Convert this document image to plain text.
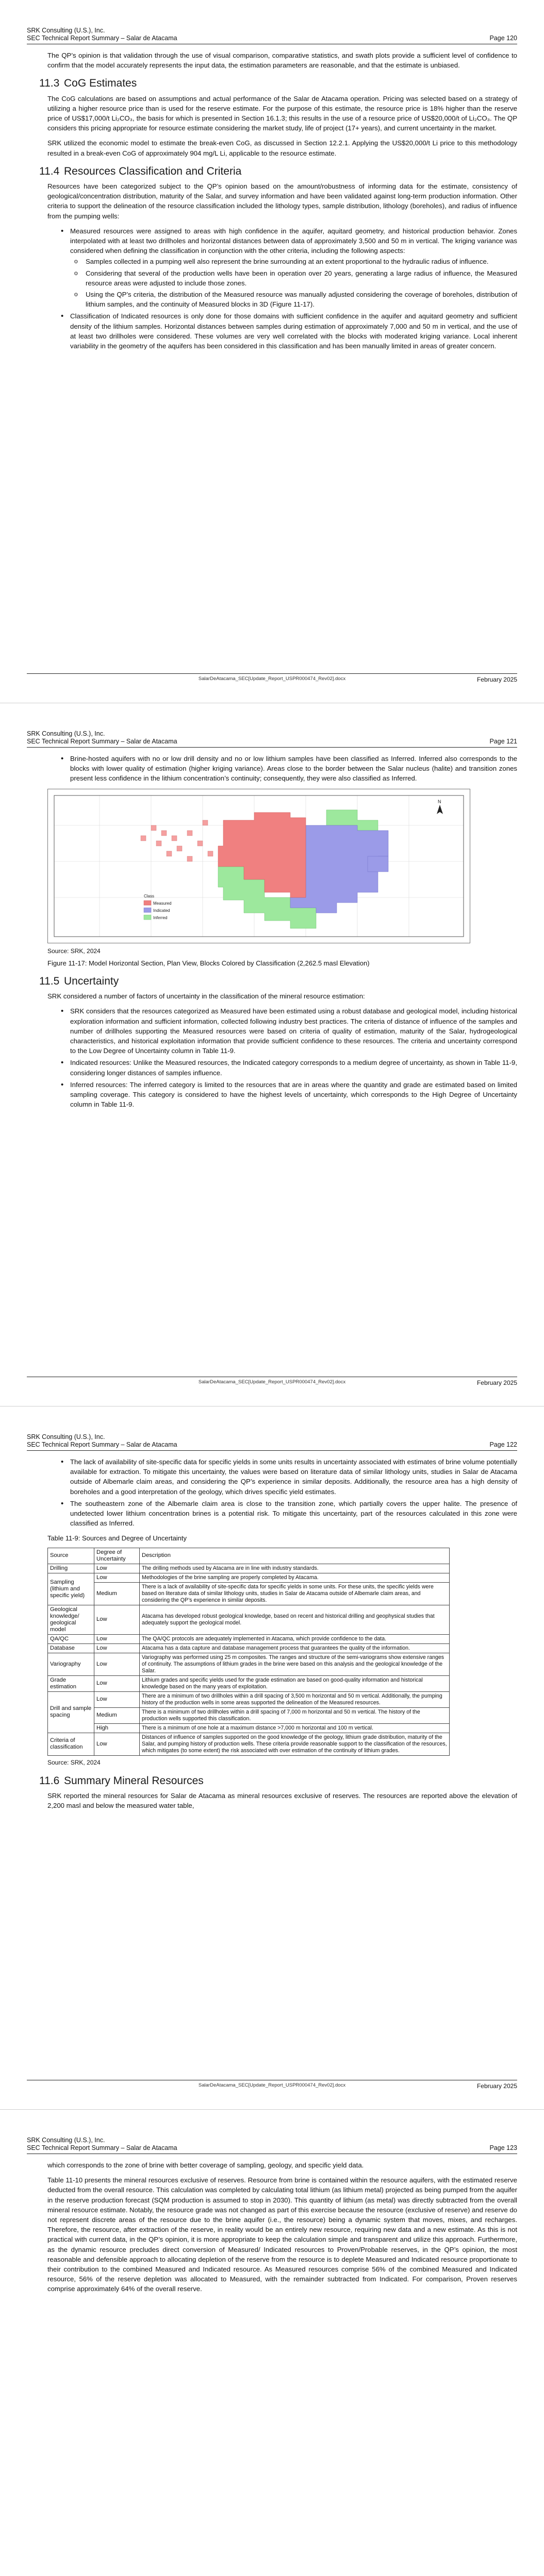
SRK Consulting (U.S.), Inc.
SEC Technical Report Summary – Salar de Atacama	Page 120

The QP’s opinion is that validation through the use of visual comparison, comparative statistics, and swath plots provide a sufficient level of confidence to confirm that the model accurately represents the input data, the estimation parameters are reasonable, and that the estimate is unbiased.

11.3 CoG Estimates

The CoG calculations are based on assumptions and actual performance of the Salar de Atacama operation. Pricing was selected based on a strategy of utilizing a higher resource price than is used for the reserve estimate. For the purpose of this estimate, the resource price is 18% higher than the reserve price of US$17,000/t Li₂CO₃, the basis for which is presented in Section 16.1.3; this results in the use of a resource price of US$20,000/t of Li₂CO₃. The QP considers this pricing appropriate for resource estimate considering the market study, life of project (17+ years), and current uncertainty in the market.

SRK utilized the economic model to estimate the break-even CoG, as discussed in Section 12.2.1. Applying the US$20,000/t Li price to this methodology resulted in a break-even CoG of approximately 904 mg/L Li, applicable to the resource estimate.

11.4 Resources Classification and Criteria

Resources have been categorized subject to the QP’s opinion based on the amount/robustness of informing data for the estimate, consistency of geological/concentration distribution, maturity of the Salar, and survey information and have been validated against long-term production information. Other criteria to support the delineation of the resource classification included the lithology types, sample distribution, lithology (boreholes), and radius of influence from the pumping wells:

• Measured resources were assigned to areas with high confidence in the aquifer, aquitard geometry, and historical production behavior. Zones interpolated with at least two drillholes and horizontal distances between data of approximately 3,500 and 50 m in vertical. The kriging variance was considered when defining the classification in conjunction with the other criteria, including the following aspects:
o Samples collected in a pumping well also represent the brine surrounding at an extent proportional to the hydraulic radius of influence.
o Considering that several of the production wells have been in operation over 20 years, generating a large radius of influence, the Measured resource areas were adjusted to include those zones.
o Using the QP’s criteria, the distribution of the Measured resource was manually adjusted considering the coverage of boreholes, distribution of lithium samples, and the continuity of Measured blocks in 3D (Figure 11-17).
• Classification of Indicated resources is only done for those domains with sufficient confidence in the aquifer and aquitard geometry and sufficient density of the lithium samples. Horizontal distances between samples during estimation of approximately 7,000 and 50 m in vertical, and the use of at least two drillholes were considered. These volumes are very well correlated with the blocks with moderated kriging variance. Local inherent variability in the geometry of the aquifers has been considered in this classification and has been manually limited in areas of greater concern.
SalarDeAtacama_SEC[Update_Report_USPR000474_Rev02].docx	February 2025
SRK Consulting (U.S.), Inc.
SEC Technical Report Summary – Salar de Atacama	Page 121
• Brine-hosted aquifers with no or low drill density and no or low lithium samples have been classified as Inferred. Inferred also corresponds to the blocks with lower quality of estimation (higher kriging variance). Areas close to the border between the Salar nucleus (halite) and transition zones present less confidence in the lithium concentration’s continuity; consequently, they were also classified as Inferred.
Class
Measured
Indicated
Inferred
N
Source: SRK, 2024
Figure 11-17: Model Horizontal Section, Plan View, Blocks Colored by Classification (2,262.5 masl Elevation)
11.5 Uncertainty

SRK considered a number of factors of uncertainty in the classification of the mineral resource estimation:

• SRK considers that the resources categorized as Measured have been estimated using a robust database and geological model, including historical exploration information and sufficient information, collected following industry best practices. The criteria of distance of influence of the samples and number of drillholes supporting the Measured resources were based on criteria of quality of estimation, maturity of the Salar, hydrogeological characteristics, and historical exploitation information that provide sufficient confidence to these resources. The criteria and uncertainty correspond to the Low Degree of Uncertainty column in Table 11-9.
• Indicated resources: Unlike the Measured resources, the Indicated category corresponds to a medium degree of uncertainty, as shown in Table 11-9, considering longer distances of samples influence.
• Inferred resources: The inferred category is limited to the resources that are in areas where the quantity and grade are estimated based on limited sampling coverage. This category is considered to have the highest levels of uncertainty, which corresponds to the High Degree of Uncertainty column in Table 11-9.
SalarDeAtacama_SEC[Update_Report_USPR000474_Rev02].docx	February 2025
SRK Consulting (U.S.), Inc.
SEC Technical Report Summary – Salar de Atacama	Page 122
• The lack of availability of site-specific data for specific yields in some units results in uncertainty associated with estimates of brine volume potentially available for extraction. To mitigate this uncertainty, the values were based on literature data of similar lithology units, studies in Salar de Atacama outside of Albemarle claim areas, and considering the QP’s experience in similar deposits. Additionally, the resource area has a high density of boreholes and a good interpretation of the geology, which drives specific yield estimates.
• The southeastern zone of the Albemarle claim area is close to the transition zone, which partially covers the upper halite. The presence of undetected lower lithium concentration brines is a potential risk. To mitigate this uncertainty, part of the resources calculated in this zone were classified as Inferred.
Table 11-9: Sources and Degree of Uncertainty
Source	Degree of Uncertainty	Description
Drilling	Low	The drilling methods used by Atacama are in line with industry standards.
Sampling (lithium and specific yield)	Low	Methodologies of the brine sampling are properly completed by Atacama.
	Medium	There is a lack of availability of site-specific data for specific yields in some units. For these units, the specific yields were based on literature data of similar lithology units, studies in Salar de Atacama outside of Albemarle claim areas, and considering the QP’s experience in similar deposits.
Geological knowledge/ geological model	Low	Atacama has developed robust geological knowledge, based on recent and historical drilling and geophysical studies that adequately support the geological model.
QA/QC	Low	The QA/QC protocols are adequately implemented in Atacama, which provide confidence to the data.
Database	Low	Atacama has a data capture and database management process that guarantees the quality of the information.
Variography	Low	Variography was performed using 25 m composites. The ranges and structure of the semi-variograms show extensive ranges of continuity. The assumptions of lithium grades in the brine were based on this analysis and the geological knowledge of the Salar.
Grade estimation	Low	Lithium grades and specific yields used for the grade estimation are based on good-quality information and historical knowledge based on the many years of exploitation.
Drill and sample spacing	Low	There are a minimum of two drillholes within a drill spacing of 3,500 m horizontal and 50 m vertical. Additionally, the pumping history of the production wells in some areas supported the delineation of the Measured resources.
	Medium	There is a minimum of two drillholes within a drill spacing of 7,000 m horizontal and 50 m vertical. The history of the production wells supported this classification.
	High	There is a minimum of one hole at a maximum distance >7,000 m horizontal and 100 m vertical.
Criteria of classification	Low	Distances of influence of samples supported on the good knowledge of the geology, lithium grade distribution, maturity of the Salar, and pumping history of production wells. These criteria provide reasonable support to the classification of the resources, which mitigates (to some extent) the risk associated with over estimation of the continuity of lithium grades.
Source: SRK, 2024
11.6 Summary Mineral Resources

SRK reported the mineral resources for Salar de Atacama as mineral resources exclusive of reserves. The resources are reported above the elevation of 2,200 masl and below the measured water table,

SalarDeAtacama_SEC[Update_Report_USPR000474_Rev02].docx	February 2025
SRK Consulting (U.S.), Inc.
SEC Technical Report Summary – Salar de Atacama	Page 123

which corresponds to the zone of brine with better coverage of sampling, geology, and specific yield data.

Table 11-10 presents the mineral resources exclusive of reserves. Resource from brine is contained within the resource aquifers, with the estimated reserve deducted from the overall resource. This calculation was completed by calculating total lithium (as lithium metal) projected as being pumped from the aquifer in the reserve production forecast (SQM production is assumed to stop in 2030). This quantity of lithium (as metal) was directly subtracted from the overall mineral resource estimate. Notably, the resource grade was not changed as part of this exercise because the resource (exclusive of reserve) and reserve do not represent discrete areas of the resource due to the brine aquifer (i.e., the resource) being a dynamic system that moves, mixes, and recharges. Therefore, the resource, after extraction of the reserve, in reality would be an entirely new resource, requiring new data and a new estimate. As this is not practical with current data, in the QP’s opinion, it is more appropriate to keep the calculation simple and transparent and utilize this approach. Furthermore, as the dynamic resource precludes direct conversion of Measured/ Indicated resources to Proven/Probable reserves, in the QP’s opinion, the most reasonable and defensible approach to allocating depletion of the reserve from the resource is to deplete Measured and Indicated resource proportionate to their contribution to the combined Measured and Indicated resource. As Measured resources comprise 56% of the combined Measured and Indicated resource, 56% of the reserve depletion was allocated to Measured, with the remainder subtracted from Indicated. For comparison, Proven reserves comprise approximately 64% of the overall reserve.
